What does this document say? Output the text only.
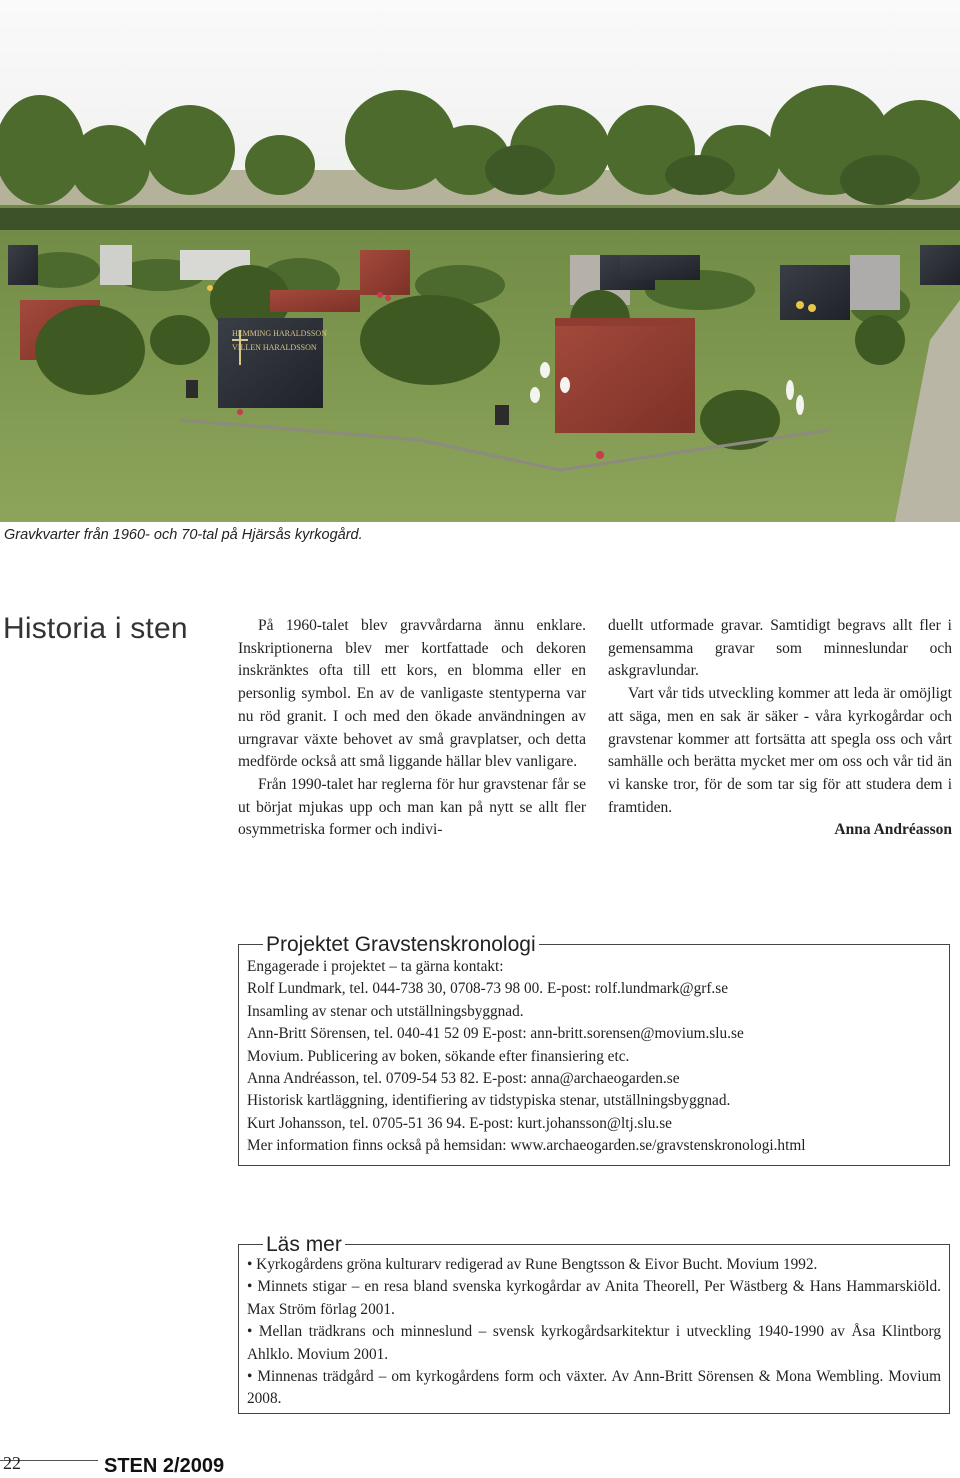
HEMMING HARALDSSON
VILLEN HARALDSSON
Gravkvarter från 1960- och 70-tal på Hjärsås kyrkogård.
Historia i sten	På 1960-talet blev gravvårdarna ännu enklare. Inskriptionerna blev mer kortfattade och dekoren inskränktes ofta till ett kors, en blomma eller en personlig symbol. En av de vanligaste stentyperna var nu röd granit. I och med den ökade användningen av urngravar växte behovet av små gravplatser, och detta medförde också att små liggande hällar blev vanligare.

Från 1990-talet har reglerna för hur gravstenar får se ut börjat mjukas upp och man kan på nytt se allt fler osymmetriska former och indivi-

duellt utformade gravar. Samtidigt begravs allt fler i gemensamma gravar som minneslundar och askgravlundar.

Vart vår tids utveckling kommer att leda är omöjligt att säga, men en sak är säker - våra kyrkogårdar och gravstenar kommer att fortsätta att spegla oss och vårt samhälle och berätta mycket mer om oss och vår tid än vi kanske tror, för de som tar sig för att studera dem i framtiden.

Anna Andréasson

Projektet Gravstenskronologi
Engagerade i projektet – ta gärna kontakt:
Rolf Lundmark, tel. 044-738 30, 0708-73 98 00. E-post: rolf.lundmark@grf.se
Insamling av stenar och utställningsbyggnad.
Ann-Britt Sörensen, tel. 040-41 52 09 E-post: ann-britt.sorensen@movium.slu.se
Movium. Publicering av boken, sökande efter finansiering etc.
Anna Andréasson, tel. 0709-54 53 82. E-post: anna@archaeogarden.se
Historisk kartläggning, identifiering av tidstypiska stenar, utställningsbyggnad.
Kurt Johansson, tel. 0705-51 36 94. E-post: kurt.johansson@ltj.slu.se
Mer information finns också på hemsidan: www.archaeogarden.se/gravstenskronologi.html
Läs mer

• Kyrkogårdens gröna kulturarv redigerad av Rune Bengtsson & Eivor Bucht. Movium 1992.

• Minnets stigar – en resa bland svenska kyrkogårdar av Anita Theorell, Per Wästberg & Hans Hammarskiöld. Max Ström förlag 2001.

• Mellan trädkrans och minneslund – svensk kyrkogårdsarkitektur i utveckling 1940-1990 av Åsa Klintborg Ahlklo. Movium 2001.

• Minnenas trädgård – om kyrkogårdens form och växter. Av Ann-Britt Sörensen & Mona Wembling. Movium 2008.

22	STEN 2/2009
